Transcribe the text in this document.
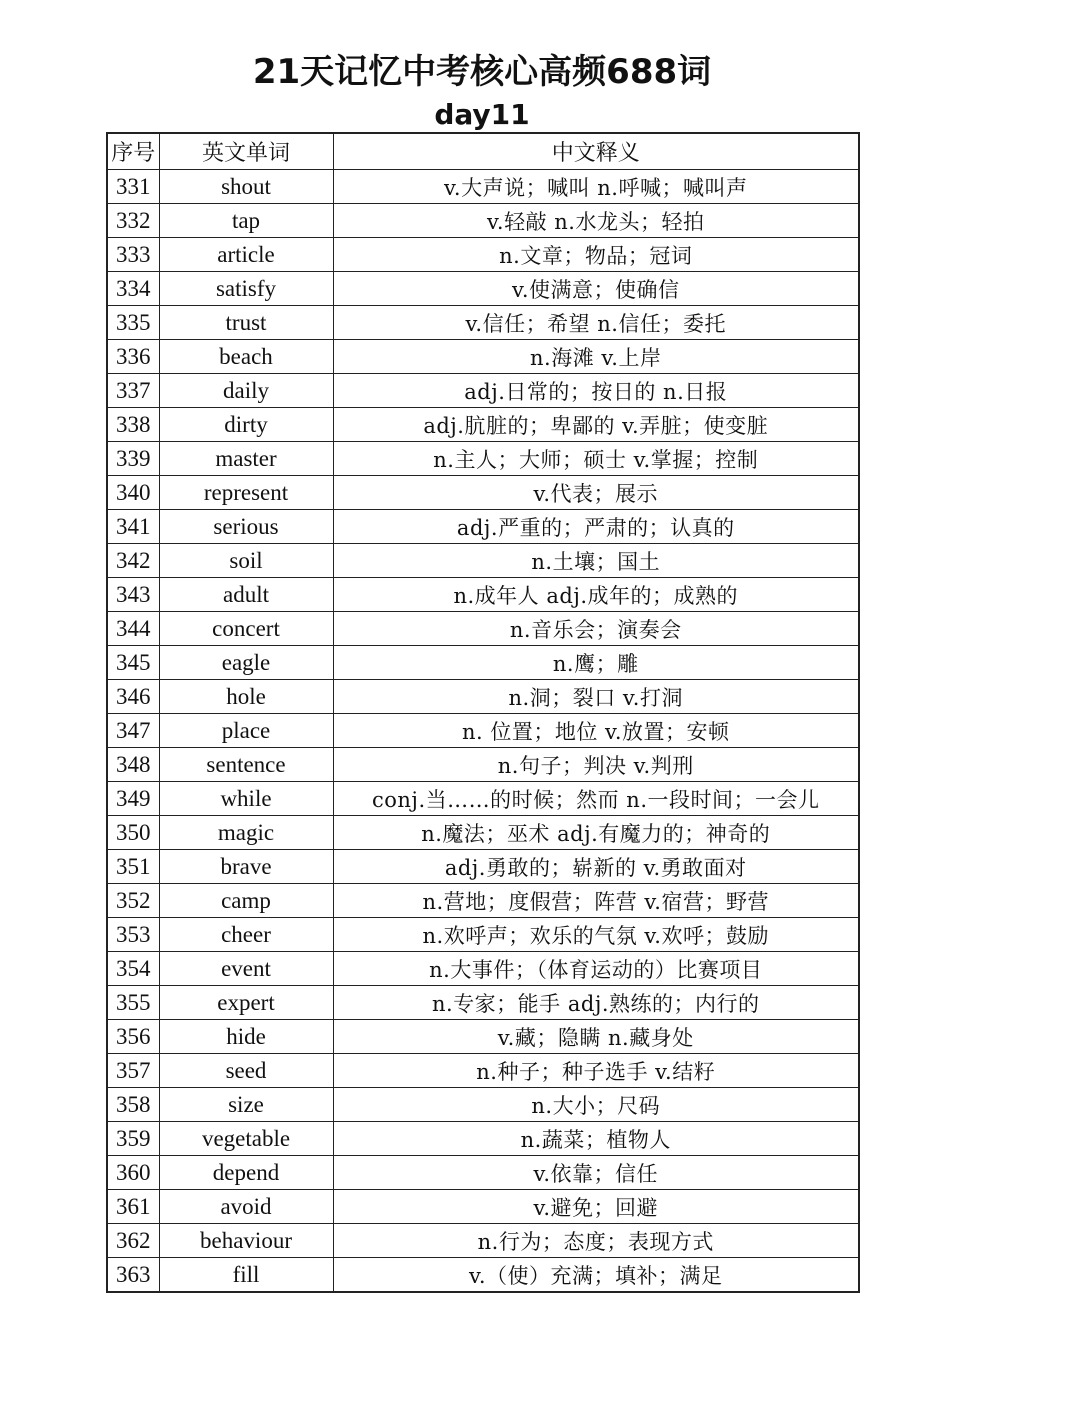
21天记忆中考核心高频688词
day11
序号	英文单词	中文释义
331	shout	v.大声说；喊叫 n.呼喊；喊叫声
332	tap	v.轻敲 n.水龙头；轻拍
333	article	n.文章；物品；冠词
334	satisfy	v.使满意；使确信
335	trust	v.信任；希望 n.信任；委托
336	beach	n.海滩 v.上岸
337	daily	adj.日常的；按日的 n.日报
338	dirty	adj.肮脏的；卑鄙的 v.弄脏；使变脏
339	master	n.主人；大师；硕士 v.掌握；控制
340	represent	v.代表；展示
341	serious	adj.严重的；严肃的；认真的
342	soil	n.土壤；国土
343	adult	n.成年人 adj.成年的；成熟的
344	concert	n.音乐会；演奏会
345	eagle	n.鹰；雕
346	hole	n.洞；裂口 v.打洞
347	place	n. 位置；地位 v.放置；安顿
348	sentence	n.句子；判决 v.判刑
349	while	conj.当……的时候；然而 n.一段时间；一会儿
350	magic	n.魔法；巫术 adj.有魔力的；神奇的
351	brave	adj.勇敢的；崭新的 v.勇敢面对
352	camp	n.营地；度假营；阵营 v.宿营；野营
353	cheer	n.欢呼声；欢乐的气氛 v.欢呼；鼓励
354	event	n.大事件；（体育运动的）比赛项目
355	expert	n.专家；能手 adj.熟练的；内行的
356	hide	v.藏；隐瞒 n.藏身处
357	seed	n.种子；种子选手 v.结籽
358	size	n.大小；尺码
359	vegetable	n.蔬菜；植物人
360	depend	v.依靠；信任
361	avoid	v.避免；回避
362	behaviour	n.行为；态度；表现方式
363	fill	v.（使）充满；填补；满足
